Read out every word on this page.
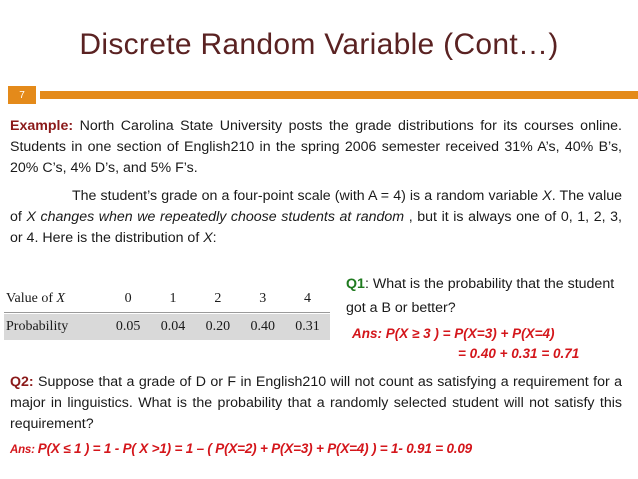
Discrete Random Variable (Cont…)
7
Example: North Carolina State University posts the grade distributions for its courses online. Students in one section of English210 in the spring 2006 semester received 31% A’s, 40% B’s, 20% C’s, 4% D’s, and 5% F’s.
The student’s grade on a four-point scale (with A = 4) is a random variable X. The value of X changes when we repeatedly choose students at random , but it is always one of 0, 1, 2, 3, or 4. Here is the distribution of X:
Value of X	0	1	2	3	4
Probability	0.05	0.04	0.20	0.40	0.31
Q1: What is the probability that the student got a B or better?
Ans: P(X ≥ 3 ) = P(X=3) + P(X=4)
= 0.40 + 0.31 = 0.71
Q2: Suppose that a grade of D or F in English210 will not count as satisfying a requirement for a major in linguistics. What is the probability that a randomly selected student will not satisfy this requirement?
Ans: P(X ≤ 1 ) = 1 - P( X >1) = 1 – ( P(X=2) + P(X=3) + P(X=4) ) = 1- 0.91 = 0.09
